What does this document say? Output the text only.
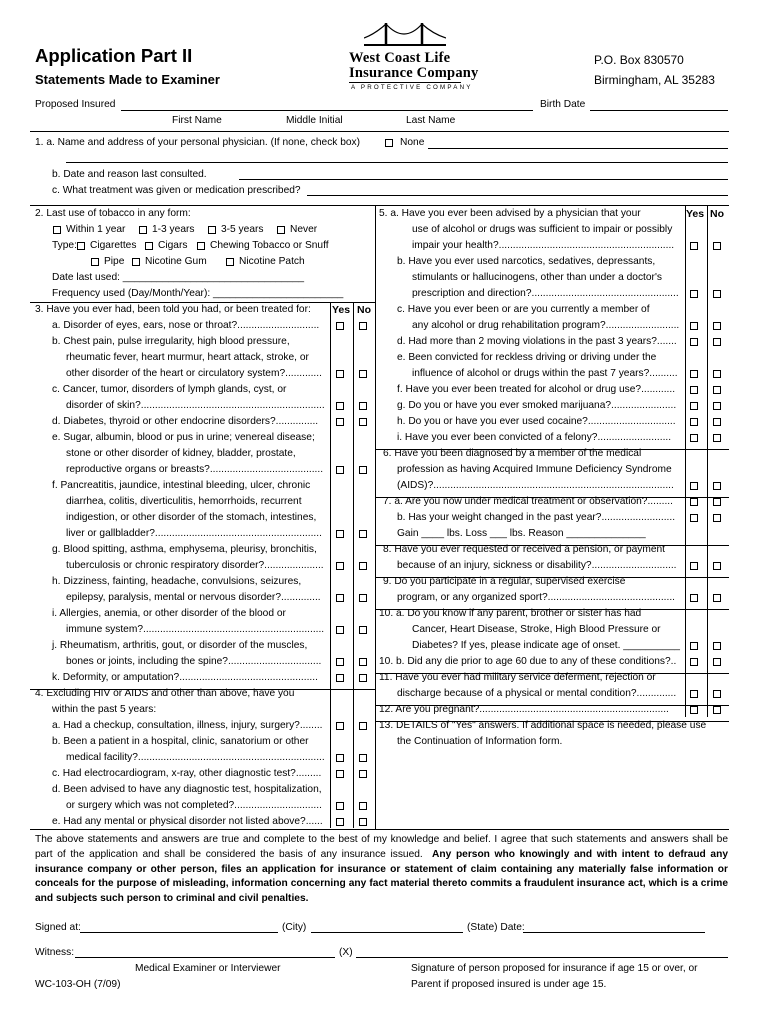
Application Part II
Statements Made to Examiner
West Coast Life
Insurance Company
A PROTECTIVE COMPANY
P.O. Box 830570
Birmingham, AL 35283
Proposed Insured	Birth Date
First Name	Middle Initial	Last Name
1. a. Name and address of your personal physician. (If none, check box)	None
b. Date and reason last consulted.
c. What treatment was given or medication prescribed?
2. Last use of tobacco in any form:
Date last used: ________________________________
Frequency used (Day/Month/Year): _______________________
3. Have you ever had, been told you had, or been treated for:
a. Disorder of eyes, ears, nose or throat?.............................
b. Chest pain, pulse irregularity, high blood pressure,
rheumatic fever, heart murmur, heart attack, stroke, or
other disorder of the heart or circulatory system?.............
c. Cancer, tumor, disorders of lymph glands, cyst, or
disorder of skin?.................................................................
d. Diabetes, thyroid or other endocrine disorders?...............
e. Sugar, albumin, blood or pus in urine; venereal disease;
stone or other disorder of kidney, bladder, prostate,
reproductive organs or breasts?........................................
f. Pancreatitis, jaundice, intestinal bleeding, ulcer, chronic
diarrhea, colitis, diverticulitis, hemorrhoids, recurrent
indigestion, or other disorder of the stomach, intestines,
liver or gallbladder?...........................................................
g. Blood spitting, asthma, emphysema, pleurisy, bronchitis,
tuberculosis or chronic respiratory disorder?.....................
h. Dizziness, fainting, headache, convulsions, seizures,
epilepsy, paralysis, mental or nervous disorder?..............
i. Allergies, anemia, or other disorder of the blood or
immune system?................................................................
j. Rheumatism, arthritis, gout, or disorder of the muscles,
bones or joints, including the spine?.................................
k. Deformity, or amputation?.................................................
4. Excluding HIV or AIDS and other than above, have you
within the past 5 years:
a. Had a checkup, consultation, illness, injury, surgery?........
b. Been a patient in a hospital, clinic, sanatorium or other
medical facility?..................................................................
c. Had electrocardiogram, x-ray, other diagnostic test?.........
d. Been advised to have any diagnostic test, hospitalization,
or surgery which was not completed?...............................
e. Had any mental or physical disorder not listed above?......
Within 1 year	1-3 years	3-5 years	Never
Type: Cigarettes Cigars Chewing Tobacco or Snuff
Pipe Nicotine Gum	Nicotine Patch
Yes No
5. a. Have you ever been advised by a physician that your
use of alcohol or drugs was sufficient to impair or possibly
impair your health?..............................................................
b. Have you ever used narcotics, sedatives, depressants,
stimulants or hallucinogens, other than under a doctor's
prescription and direction?....................................................
c. Have you ever been or are you currently a member of
any alcohol or drug rehabilitation program?..........................
d. Had more than 2 moving violations in the past 3 years?.......
e. Been convicted for reckless driving or driving under the
influence of alcohol or drugs within the past 7 years?..........
f. Have you ever been treated for alcohol or drug use?............
g. Do you or have you ever smoked marijuana?.......................
h. Do you or have you ever used cocaine?...............................
i. Have you ever been convicted of a felony?..........................
6. Have you been diagnosed by a member of the medical
profession as having Acquired Immune Deficiency Syndrome
(AIDS)?.....................................................................................
7. a. Are you now under medical treatment or observation?.........
b. Has your weight changed in the past year?..........................
Gain ____ lbs. Loss ___ lbs. Reason ______________
8. Have you ever requested or received a pension, or payment
because of an injury, sickness or disability?..............................
9. Do you participate in a regular, supervised exercise
program, or any organized sport?.............................................
10. a. Do you know if any parent, brother or sister has had
Cancer, Heart Disease, Stroke, High Blood Pressure or
Diabetes? If yes, please indicate age of onset. __________
10. b. Did any die prior to age 60 due to any of these conditions?..
11. Have you ever had military service deferment, rejection or
discharge because of a physical or mental condition?..............
12. Are you pregnant?...................................................................
13. DETAILS of "Yes" answers. If additional space is needed, please use
the Continuation of Information form.
Yes No
The above statements and answers are true and complete to the best of my knowledge and belief. I agree that such statements and answers shall be part of the application and shall be considered the basis of any insurance issued. Any person who knowingly and with intent to defraud any insurance company or other person, files an application for insurance or statement of claim containing any materially false information or conceals for the purpose of misleading, information concerning any fact material thereto commits a fraudulent insurance act, which is a crime and subjects such person to criminal and civil penalties.
Signed at:	(City)	(State) Date:
Witness:	(X)
Medical Examiner or Interviewer	Signature of person proposed for insurance if age 15 or over, or
Parent if proposed insured is under age 15.
WC-103-OH (7/09)
